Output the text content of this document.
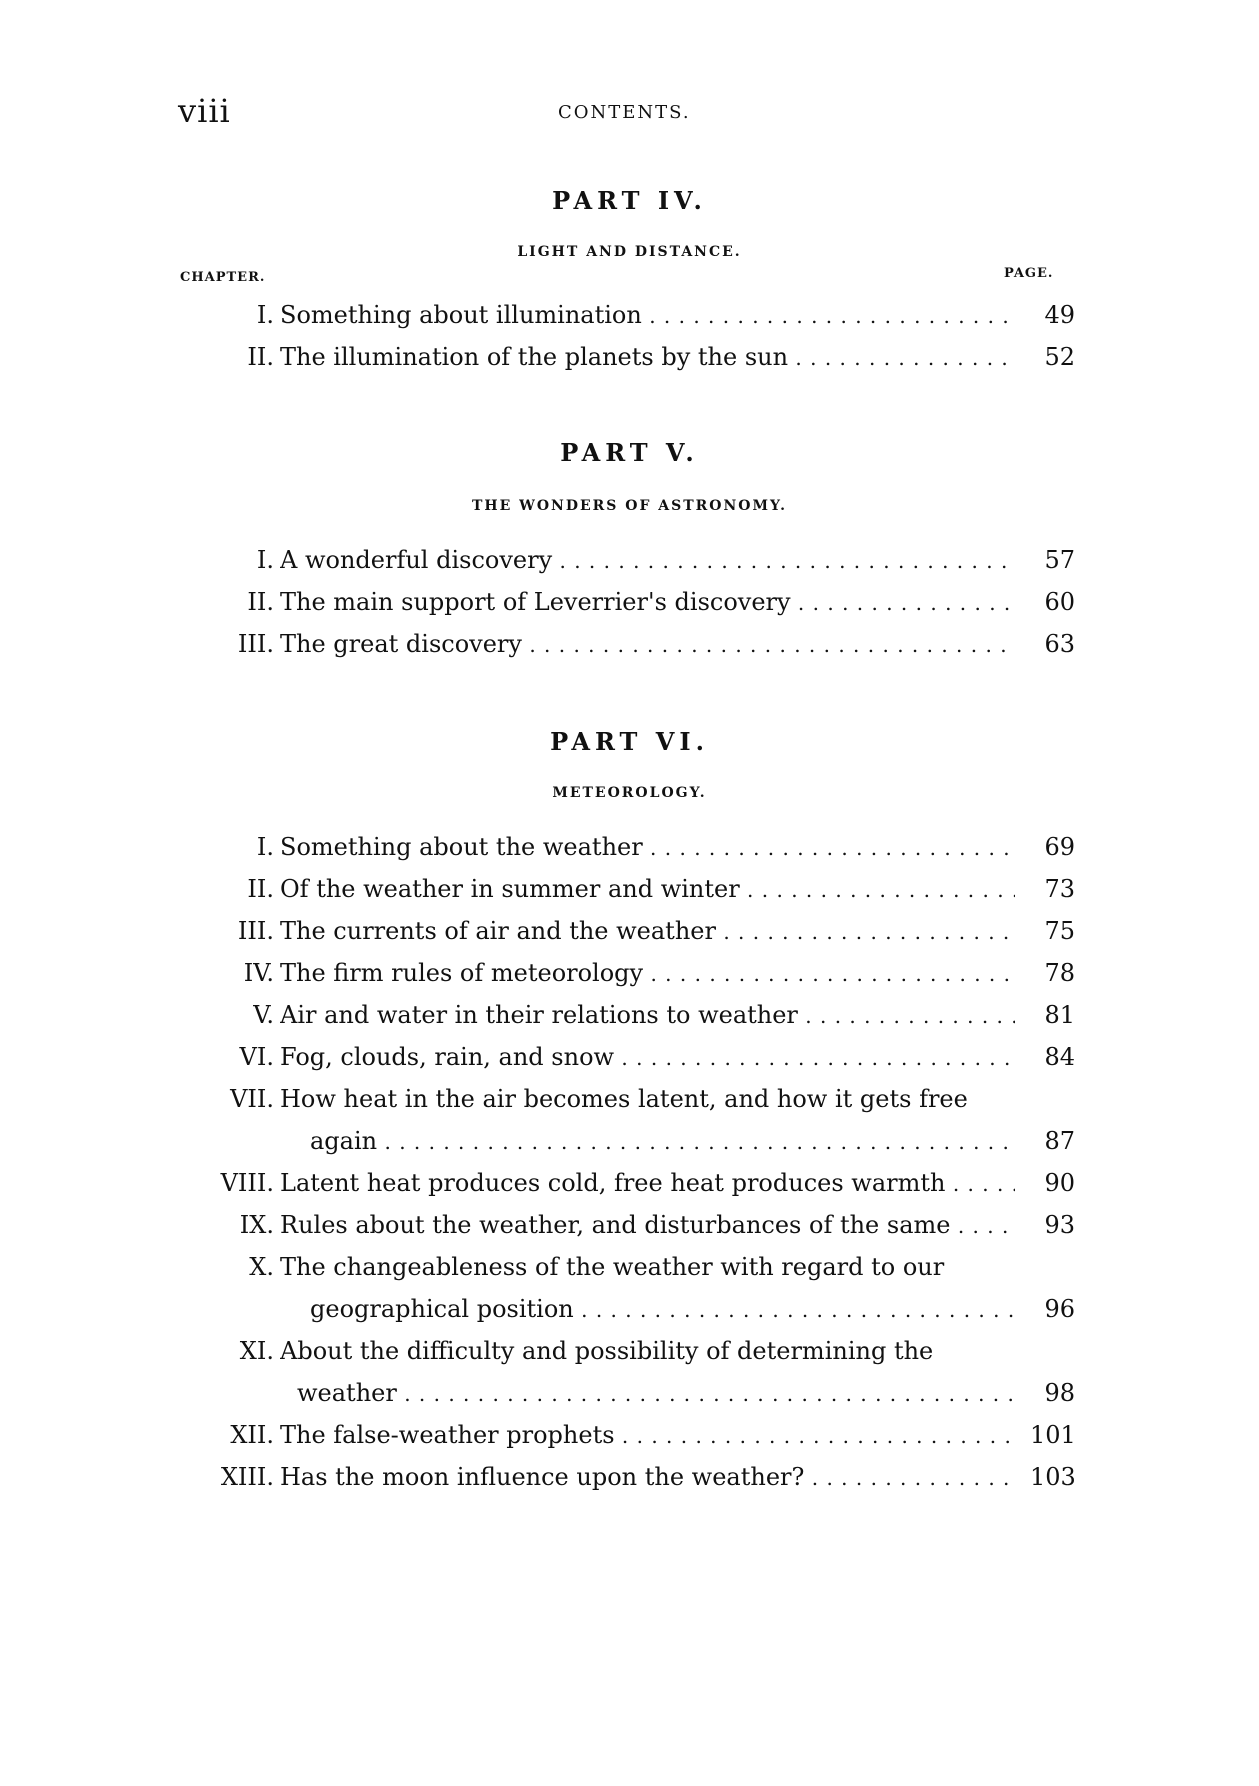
viii	CONTENTS.
PART IV.
LIGHT AND DISTANCE.
CHAPTER.	PAGE.
I. Something about illumination . . .	49
II. The illumination of the planets by the sun . . .	52
PART V.
THE WONDERS OF ASTRONOMY.
I. A wonderful discovery . . .	57
II. The main support of Leverrier's discovery . . .	60
III. The great discovery . . .	63
PART VI.
METEOROLOGY.
I. Something about the weather . . .	69
II. Of the weather in summer and winter . . .	73
III. The currents of air and the weather . . .	75
IV. The firm rules of meteorology . . .	78
V. Air and water in their relations to weather . . .	81
VI. Fog, clouds, rain, and snow . . .	84
VII. How heat in the air becomes latent, and how it gets free
again . . .	87
VIII. Latent heat produces cold, free heat produces warmth . . .	90
IX. Rules about the weather, and disturbances of the same . . .	93
X. The changeableness of the weather with regard to our
geographical position . . .	96
XI. About the difficulty and possibility of determining the
weather . . .	98
XII. The false-weather prophets . . .	101
XIII. Has the moon influence upon the weather? . . .	103
